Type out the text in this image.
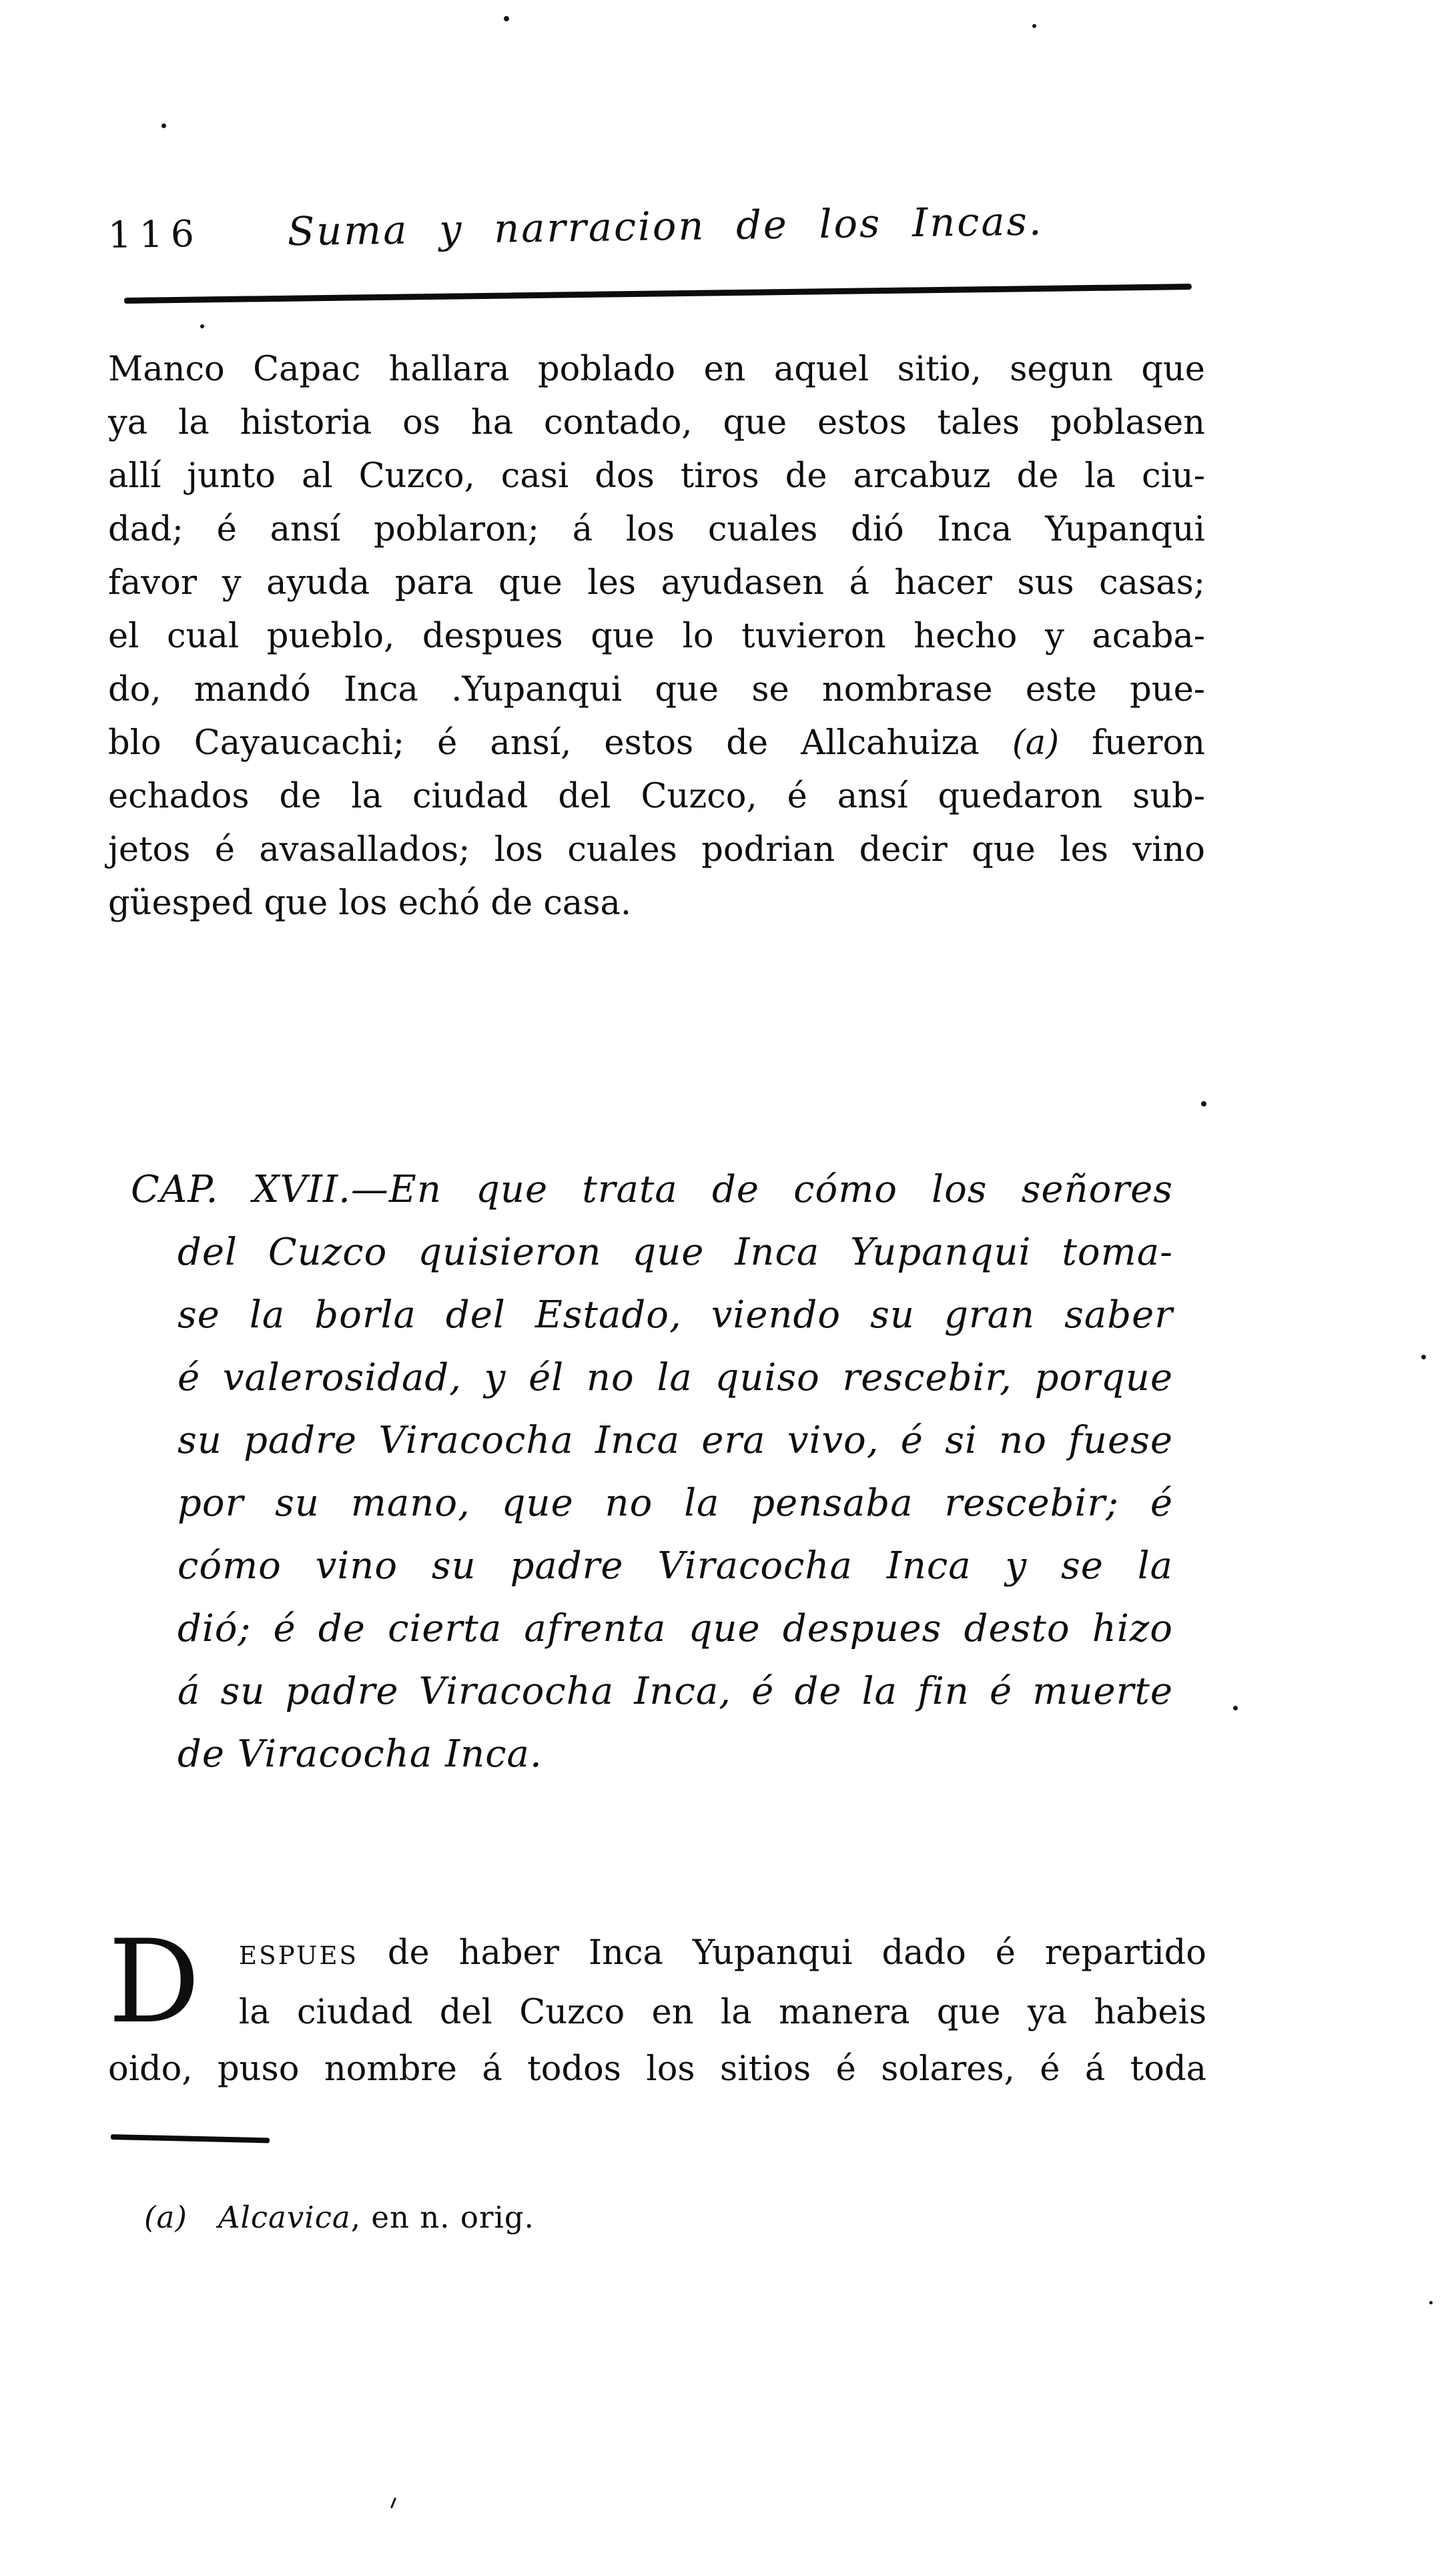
116 Suma y narracion de los Incas.
Manco Capac hallara poblado en aquel sitio, segun que
ya la historia os ha contado, que estos tales poblasen
allí junto al Cuzco, casi dos tiros de arcabuz de la ciu-
dad; é ansí poblaron; á los cuales dió Inca Yupanqui
favor y ayuda para que les ayudasen á hacer sus casas;
el cual pueblo, despues que lo tuvieron hecho y acaba-
do, mandó Inca .Yupanqui que se nombrase este pue-
blo Cayaucachi; é ansí, estos de Allcahuiza (a) fueron
echados de la ciudad del Cuzco, é ansí quedaron sub-
jetos é avasallados; los cuales podrian decir que les vino
güesped que los echó de casa.
CAP. XVII.—En que trata de cómo los señores
del Cuzco quisieron que Inca Yupanqui toma-
se la borla del Estado, viendo su gran saber
é valerosidad, y él no la quiso rescebir, porque
su padre Viracocha Inca era vivo, é si no fuese
por su mano, que no la pensaba rescebir; é
cómo vino su padre Viracocha Inca y se la
dió; é de cierta afrenta que despues desto hizo
á su padre Viracocha Inca, é de la fin é muerte
de Viracocha Inca.
D	ESPUES de haber Inca Yupanqui dado é repartido
la ciudad del Cuzco en la manera que ya habeis
oido, puso nombre á todos los sitios é solares, é á toda
(a) Alcavica, en n. orig.
